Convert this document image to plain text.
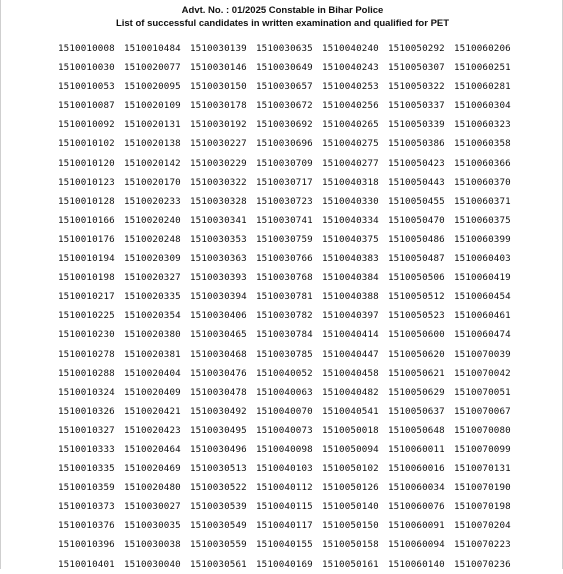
Advt. No. : 01/2025 Constable in Bihar Police
List of successful candidates in written examination and qualified for PET
1510010008 1510010484 1510030139 1510030635 1510040240 1510050292 1510060206
1510010030 1510020077 1510030146 1510030649 1510040243 1510050307 1510060251
1510010053 1510020095 1510030150 1510030657 1510040253 1510050322 1510060281
1510010087 1510020109 1510030178 1510030672 1510040256 1510050337 1510060304
1510010092 1510020131 1510030192 1510030692 1510040265 1510050339 1510060323
1510010102 1510020138 1510030227 1510030696 1510040275 1510050386 1510060358
1510010120 1510020142 1510030229 1510030709 1510040277 1510050423 1510060366
1510010123 1510020170 1510030322 1510030717 1510040318 1510050443 1510060370
1510010128 1510020233 1510030328 1510030723 1510040330 1510050455 1510060371
1510010166 1510020240 1510030341 1510030741 1510040334 1510050470 1510060375
1510010176 1510020248 1510030353 1510030759 1510040375 1510050486 1510060399
1510010194 1510020309 1510030363 1510030766 1510040383 1510050487 1510060403
1510010198 1510020327 1510030393 1510030768 1510040384 1510050506 1510060419
1510010217 1510020335 1510030394 1510030781 1510040388 1510050512 1510060454
1510010225 1510020354 1510030406 1510030782 1510040397 1510050523 1510060461
1510010230 1510020380 1510030465 1510030784 1510040414 1510050600 1510060474
1510010278 1510020381 1510030468 1510030785 1510040447 1510050620 1510070039
1510010288 1510020404 1510030476 1510040052 1510040458 1510050621 1510070042
1510010324 1510020409 1510030478 1510040063 1510040482 1510050629 1510070051
1510010326 1510020421 1510030492 1510040070 1510040541 1510050637 1510070067
1510010327 1510020423 1510030495 1510040073 1510050018 1510050648 1510070080
1510010333 1510020464 1510030496 1510040098 1510050094 1510060011 1510070099
1510010335 1510020469 1510030513 1510040103 1510050102 1510060016 1510070131
1510010359 1510020480 1510030522 1510040112 1510050126 1510060034 1510070190
1510010373 1510030027 1510030539 1510040115 1510050140 1510060076 1510070198
1510010376 1510030035 1510030549 1510040117 1510050150 1510060091 1510070204
1510010396 1510030038 1510030559 1510040155 1510050158 1510060094 1510070223
1510010401 1510030040 1510030561 1510040169 1510050161 1510060140 1510070236
